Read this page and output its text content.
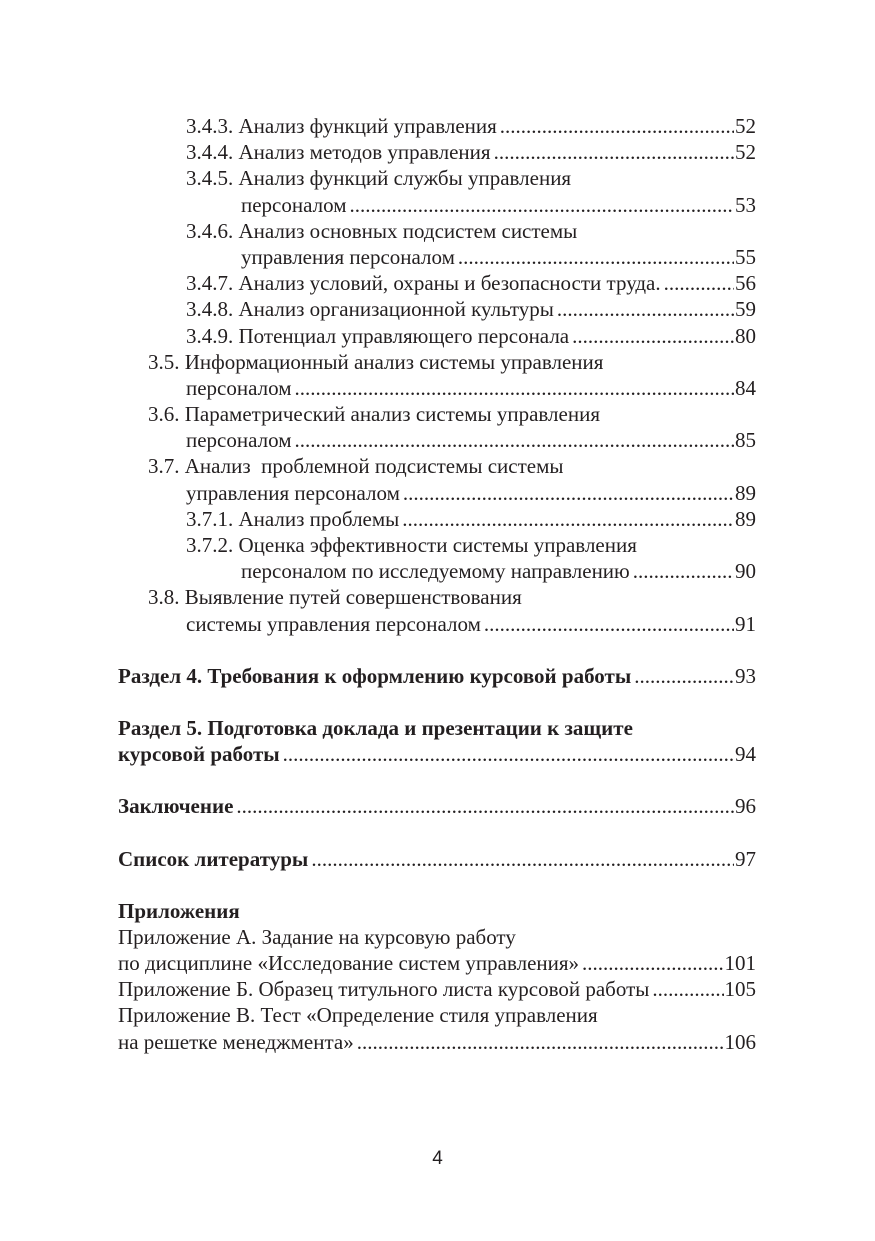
3.4.3. Анализ функций управления .....	52
3.4.4. Анализ методов управления .....	52
3.4.5. Анализ функций службы управления
персоналом .....	53
3.4.6. Анализ основных подсистем системы
управления персоналом .....	55
3.4.7. Анализ условий, охраны и безопасности труда. .....	56
3.4.8. Анализ организационной культуры .....	59
3.4.9. Потенциал управляющего персонала .....	80
3.5. Информационный анализ системы управления
персоналом .....	84
3.6. Параметрический анализ системы управления
персоналом .....	85
3.7. Анализ  проблемной подсистемы системы
управления персоналом .....	89
3.7.1. Анализ проблемы .....	89
3.7.2. Оценка эффективности системы управления
персоналом по исследуемому направлению .....	90
3.8. Выявление путей совершенствования
системы управления персоналом .....	91
Раздел 4. Требования к оформлению курсовой работы .....	93
Раздел 5. Подготовка доклада и презентации к защите
курсовой работы .....	94
Заключение .....	96
Список литературы .....	97
Приложения
Приложение А. Задание на курсовую работу
по дисциплине «Исследование систем управления» .....	101
Приложение Б. Образец титульного листа курсовой работы .....	105
Приложение В. Тест «Определение стиля управления
на решетке менеджмента» .....	106
4
